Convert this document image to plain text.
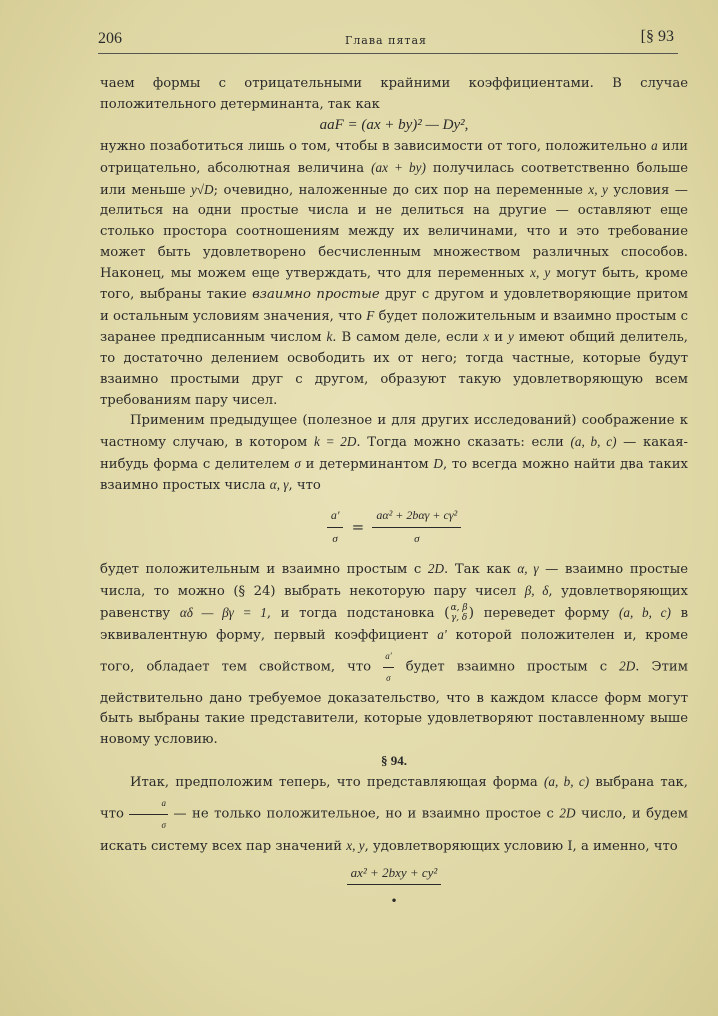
206	Глава пятая	[§ 93

чаем формы с отрицательными крайними коэффициентами. В случае положительного детерминанта, так как

aaF = (ax + by)² — Dy²,

нужно позаботиться лишь о том, чтобы в зависимости от того, положительно a или отрицательно, абсолютная величина (ax + by) получилась соответственно больше или меньше y√D; очевидно, наложенные до сих пор на переменные x, y условия — делиться на одни простые числа и не делиться на другие — оставляют еще столько простора соотношениям между их величинами, что и это требование может быть удовлетворено бесчисленным множеством различных способов. Наконец, мы можем еще утверждать, что для переменных x, y могут быть, кроме того, выбраны такие взаимно простые друг с другом и удовлетворяющие притом и остальным условиям значения, что F будет положительным и взаимно простым с заранее предписанным числом k. В самом деле, если x и y имеют общий делитель, то достаточно делением освободить их от него; тогда частные, которые будут взаимно простыми друг с другом, образуют такую удовлетворяющую всем требованиям пару чисел.

Применим предыдущее (полезное и для других исследований) соображение к частному случаю, в котором k = 2D. Тогда можно сказать: если (a, b, c) — какая-нибудь форма с делителем σ и детерминантом D, то всегда можно найти два таких взаимно простых числа α, γ, что

$\frac{a'}{\sigma} = \frac{\text{aα² + 2bαγ + cγ²}}{\sigma}$

будет положительным и взаимно простым с 2D. Так как α, γ — взаимно простые числа, то можно (§ 24) выбрать некоторую пару чисел β, δ, удовлетворяющих равенству αδ — βγ = 1, и тогда подстановка (α, β
γ, δ) переведет форму (a, b, c) в эквивалентную форму, первый коэффициент a' которой положителен и, кроме того, обладает тем свойством, что $\frac{a'}{\sigma}$ будет взаимно простым с 2D. Этим действительно дано требуемое доказательство, что в каждом классе форм могут быть выбраны такие представители, которые удовлетворяют поставленному выше новому условию.

§ 94.

Итак, предположим теперь, что представляющая форма (a, b, c) выбрана так, что $\frac{a}{\sigma}$ — не только положительное, но и взаимно простое с 2D число, и будем искать систему всех пар значений x, y, удовлетворяющих условию I, а именно, что

ax² + 2bxy + cy²
•
